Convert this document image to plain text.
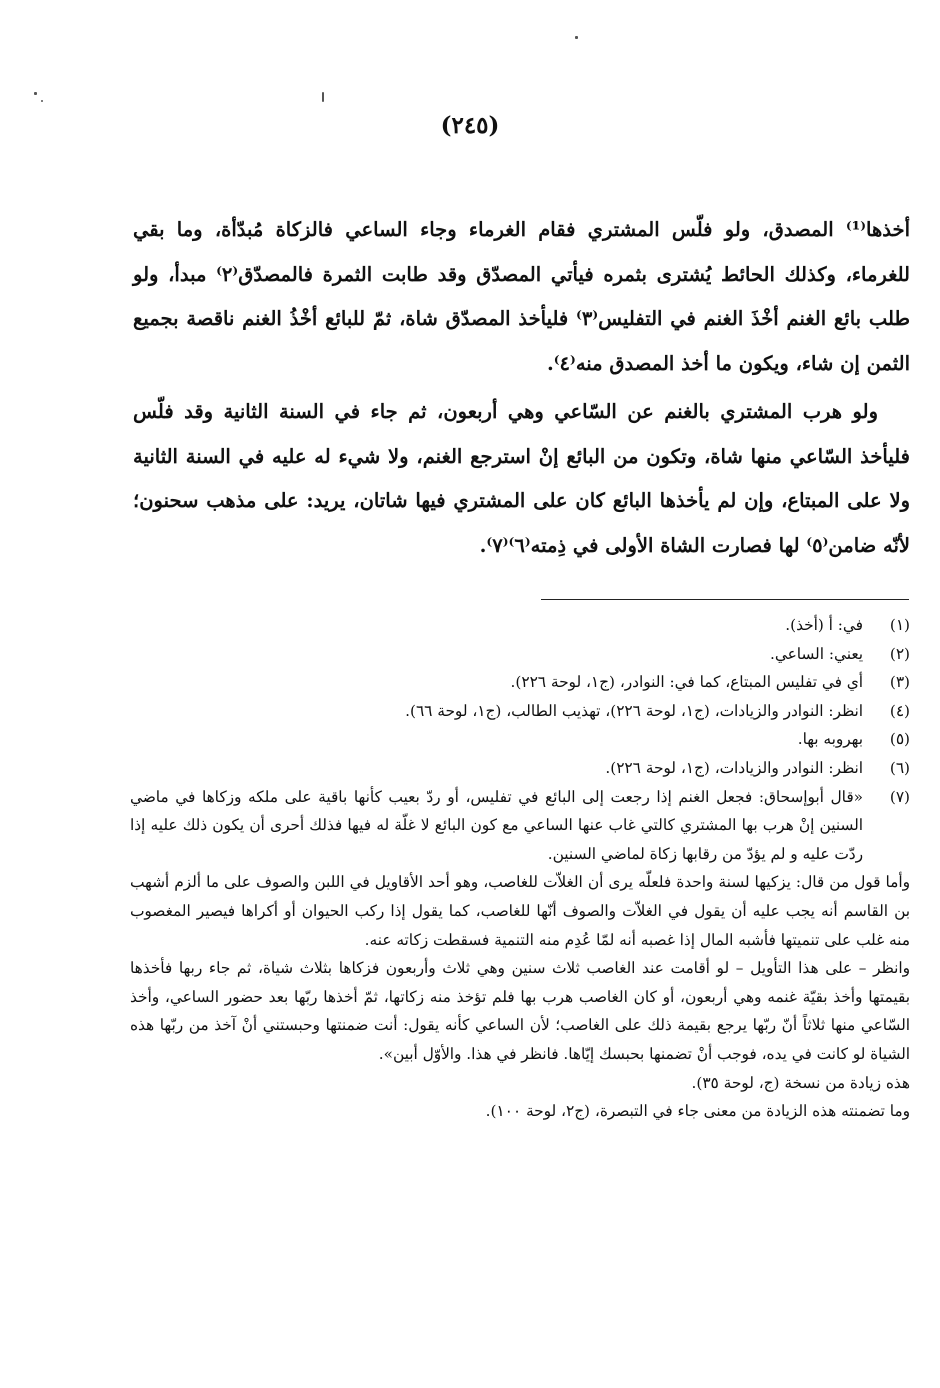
(٢٤٥)

أخذها⁽¹⁾ المصدق، ولو فلّس المشتري فقام الغرماء وجاء الساعي فالزكاة مُبدّأة، وما بقي للغرماء، وكذلك الحائط يُشترى بثمره فيأتي المصدّق وقد طابت الثمرة فالمصدّق⁽٢⁾ مبدأ، ولو طلب بائع الغنم أخْذَ الغنم في التفليس⁽٣⁾ فليأخذ المصدّق شاة، ثمّ للبائع أخْذُ الغنم ناقصة بجميع الثمن إن شاء، ويكون ما أخذ المصدق منه⁽٤⁾.

ولو هرب المشتري بالغنم عن السّاعي وهي أربعون، ثم جاء في السنة الثانية وقد فلّس فليأخذ السّاعي منها شاة، وتكون من البائع إنْ استرجع الغنم، ولا شيء له عليه في السنة الثانية ولا على المبتاع، وإن لم يأخذها البائع كان على المشتري فيها شاتان، يريد: على مذهب سحنون؛ لأنّه ضامن⁽٥⁾ لها فصارت الشاة الأولى في ذِمته⁽٦⁾⁽٧⁾.

(١)
في: أ (أخذ).
(٢)
يعني: الساعي.
(٣)
أي في تفليس المبتاع، كما في: النوادر، (ج١، لوحة ٢٢٦).
(٤)
انظر: النوادر والزيادات، (ج١، لوحة ٢٢٦)، تهذيب الطالب، (ج١، لوحة ٦٦).
(٥)
بهروبه بها.
(٦)
انظر: النوادر والزيادات، (ج١، لوحة ٢٢٦).
(٧)
«قال أبوإسحاق: فجعل الغنم إذا رجعت إلى البائع في تفليس، أو ردّ بعيب كأنها باقية على ملكه وزكاها في ماضي السنين إنْ هرب بها المشتري كالتي غاب عنها الساعي مع كون البائع لا غلّة له فيها فذلك أحرى أن يكون ذلك عليه إذا ردّت عليه و لم يؤدّ من رقابها زكاة لماضي السنين.

وأما قول من قال: يزكيها لسنة واحدة فلعلّه يرى أن الغلاّت للغاصب، وهو أحد الأقاويل في اللبن والصوف على ما ألزم أشهب بن القاسم أنه يجب عليه أن يقول في الغلاّت والصوف أنّها للغاصب، كما يقول إذا ركب الحيوان أو أكراها فيصير المغصوب منه غلب على تنميتها فأشبه المال إذا غصبه أنه لمّا عُدِم منه التنمية فسقطت زكاته عنه.

وانظر – على هذا التأويل – لو أقامت عند الغاصب ثلاث سنين وهي ثلاث وأربعون فزكاها بثلاث شياة، ثم جاء ربها فأخذها بقيمتها وأخذ بقيّة غنمه وهي أربعون، أو كان الغاصب هرب بها فلم تؤخذ منه زكاتها، ثمّ أخذها ربّها بعد حضور الساعي، وأخذ السّاعي منها ثلاثاً أنّ ربّها يرجع بقيمة ذلك على الغاصب؛ لأن الساعي كأنه يقول: أنت ضمنتها وحبستني أنْ آخذ من ربّها هذه الشياة لو كانت في يده، فوجب أنْ تضمنها بحبسك إيّاها. فانظر في هذا. والأوّل أبين».

هذه زيادة من نسخة (ج، لوحة ٣٥).

وما تضمنته هذه الزيادة من معنى جاء في التبصرة، (ج٢، لوحة ١٠٠).
